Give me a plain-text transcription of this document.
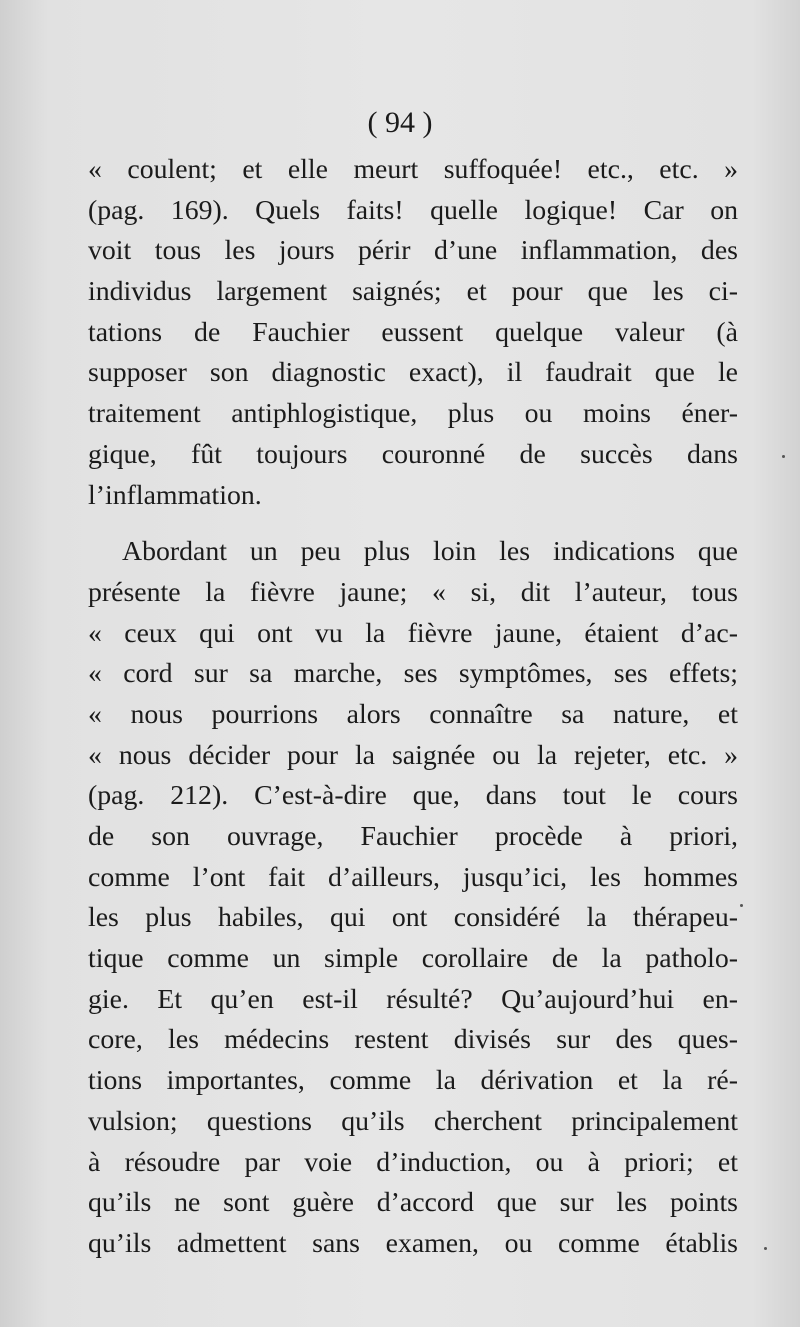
( 94 )
« coulent; et elle meurt suffoquée! etc., etc. »
(pag. 169). Quels faits! quelle logique! Car on
voit tous les jours périr d’une inflammation, des
individus largement saignés; et pour que les ci-
tations de Fauchier eussent quelque valeur (à
supposer son diagnostic exact), il faudrait que le
traitement antiphlogistique, plus ou moins éner-
gique, fût toujours couronné de succès dans
l’inflammation.
Abordant un peu plus loin les indications que
présente la fièvre jaune; « si, dit l’auteur, tous
« ceux qui ont vu la fièvre jaune, étaient d’ac-
« cord sur sa marche, ses symptômes, ses effets;
« nous pourrions alors connaître sa nature, et
« nous décider pour la saignée ou la rejeter, etc. »
(pag. 212). C’est-à-dire que, dans tout le cours
de son ouvrage, Fauchier procède à priori,
comme l’ont fait d’ailleurs, jusqu’ici, les hommes
les plus habiles, qui ont considéré la thérapeu-
tique comme un simple corollaire de la patholo-
gie. Et qu’en est-il résulté? Qu’aujourd’hui en-
core, les médecins restent divisés sur des ques-
tions importantes, comme la dérivation et la ré-
vulsion; questions qu’ils cherchent principalement
à résoudre par voie d’induction, ou à priori; et
qu’ils ne sont guère d’accord que sur les points
qu’ils admettent sans examen, ou comme établis
